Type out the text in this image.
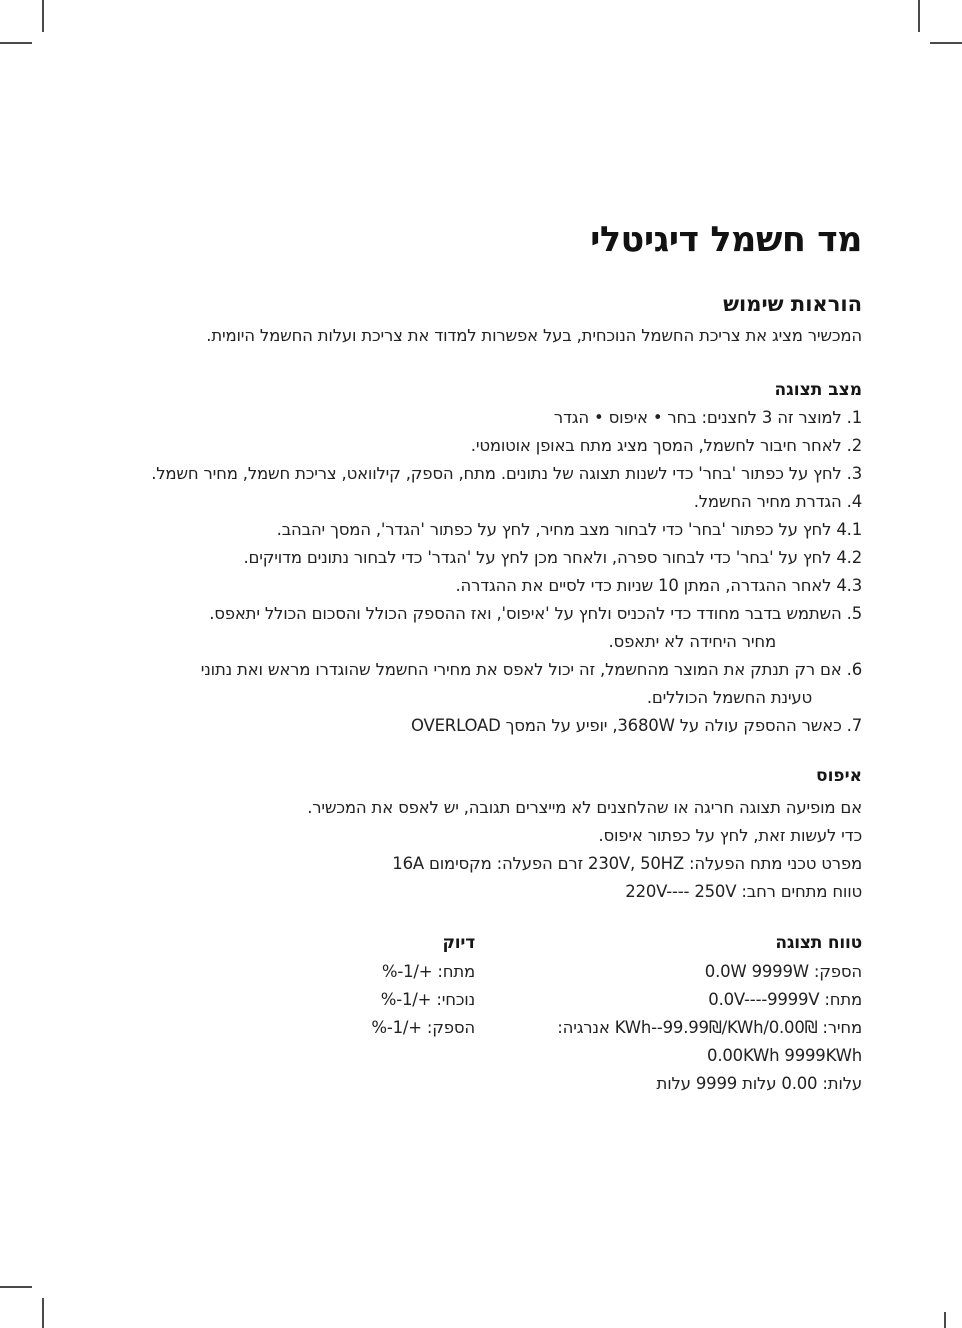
מד חשמל דיגיטלי
הוראות שימוש
המכשיר מציג את צריכת החשמל הנוכחית, בעל אפשרות למדוד את צריכת ועלות החשמל היומית.
מצב תצוגה
1. למוצר זה 3 לחצנים: בחר • איפוס • הגדר
2. לאחר חיבור לחשמל, המסך מציג מתח באופן אוטומטי.
3. לחץ על כפתור 'בחר' כדי לשנות תצוגה של נתונים. מתח, הספק, קילוואט, צריכת חשמל, מחיר חשמל.
4. הגדרת מחיר החשמל.
4.1 לחץ על כפתור 'בחר' כדי לבחור מצב מחיר, לחץ על כפתור 'הגדר', המסך יהבהב.
4.2 לחץ על 'בחר' כדי לבחור ספרה, ולאחר מכן לחץ על 'הגדר' כדי לבחור נתונים מדויקים.
4.3 לאחר ההגדרה, המתן 10 שניות כדי לסיים את ההגדרה.
5. השתמש בדבר מחודד כדי להכניס ולחץ על 'איפוס', ואז ההספק הכולל והסכום הכולל יתאפס.
מחיר היחידה לא יתאפס.
6. אם רק תנתק את המוצר מהחשמל, זה יכול לאפס את מחירי החשמל שהוגדרו מראש ואת נתוני
טעינת החשמל הכוללים.
7. כאשר ההספק עולה על 3680W, יופיע על המסך OVERLOAD
איפוס
אם מופיעה תצוגה חריגה או שהלחצנים לא מייצרים תגובה, יש לאפס את המכשיר.
כדי לעשות זאת, לחץ על כפתור איפוס.
מפרט טכני מתח הפעלה: 230V, 50HZ זרם הפעלה: מקסימום 16A
טווח מתחים רחב: 220V---- 250V
טווח תצוגה
הספק: 0.0W 9999W
מתח: 0.0V----9999V
מחיר: KWh--99.99₪/KWh/0.00₪ אנרגיה:
0.00KWh 9999KWh
עלות: 0.00 עלות 9999 עלות
דיוק
מתח: %-1/+
נוכחי: %-1/+
הספק: %-1/+
